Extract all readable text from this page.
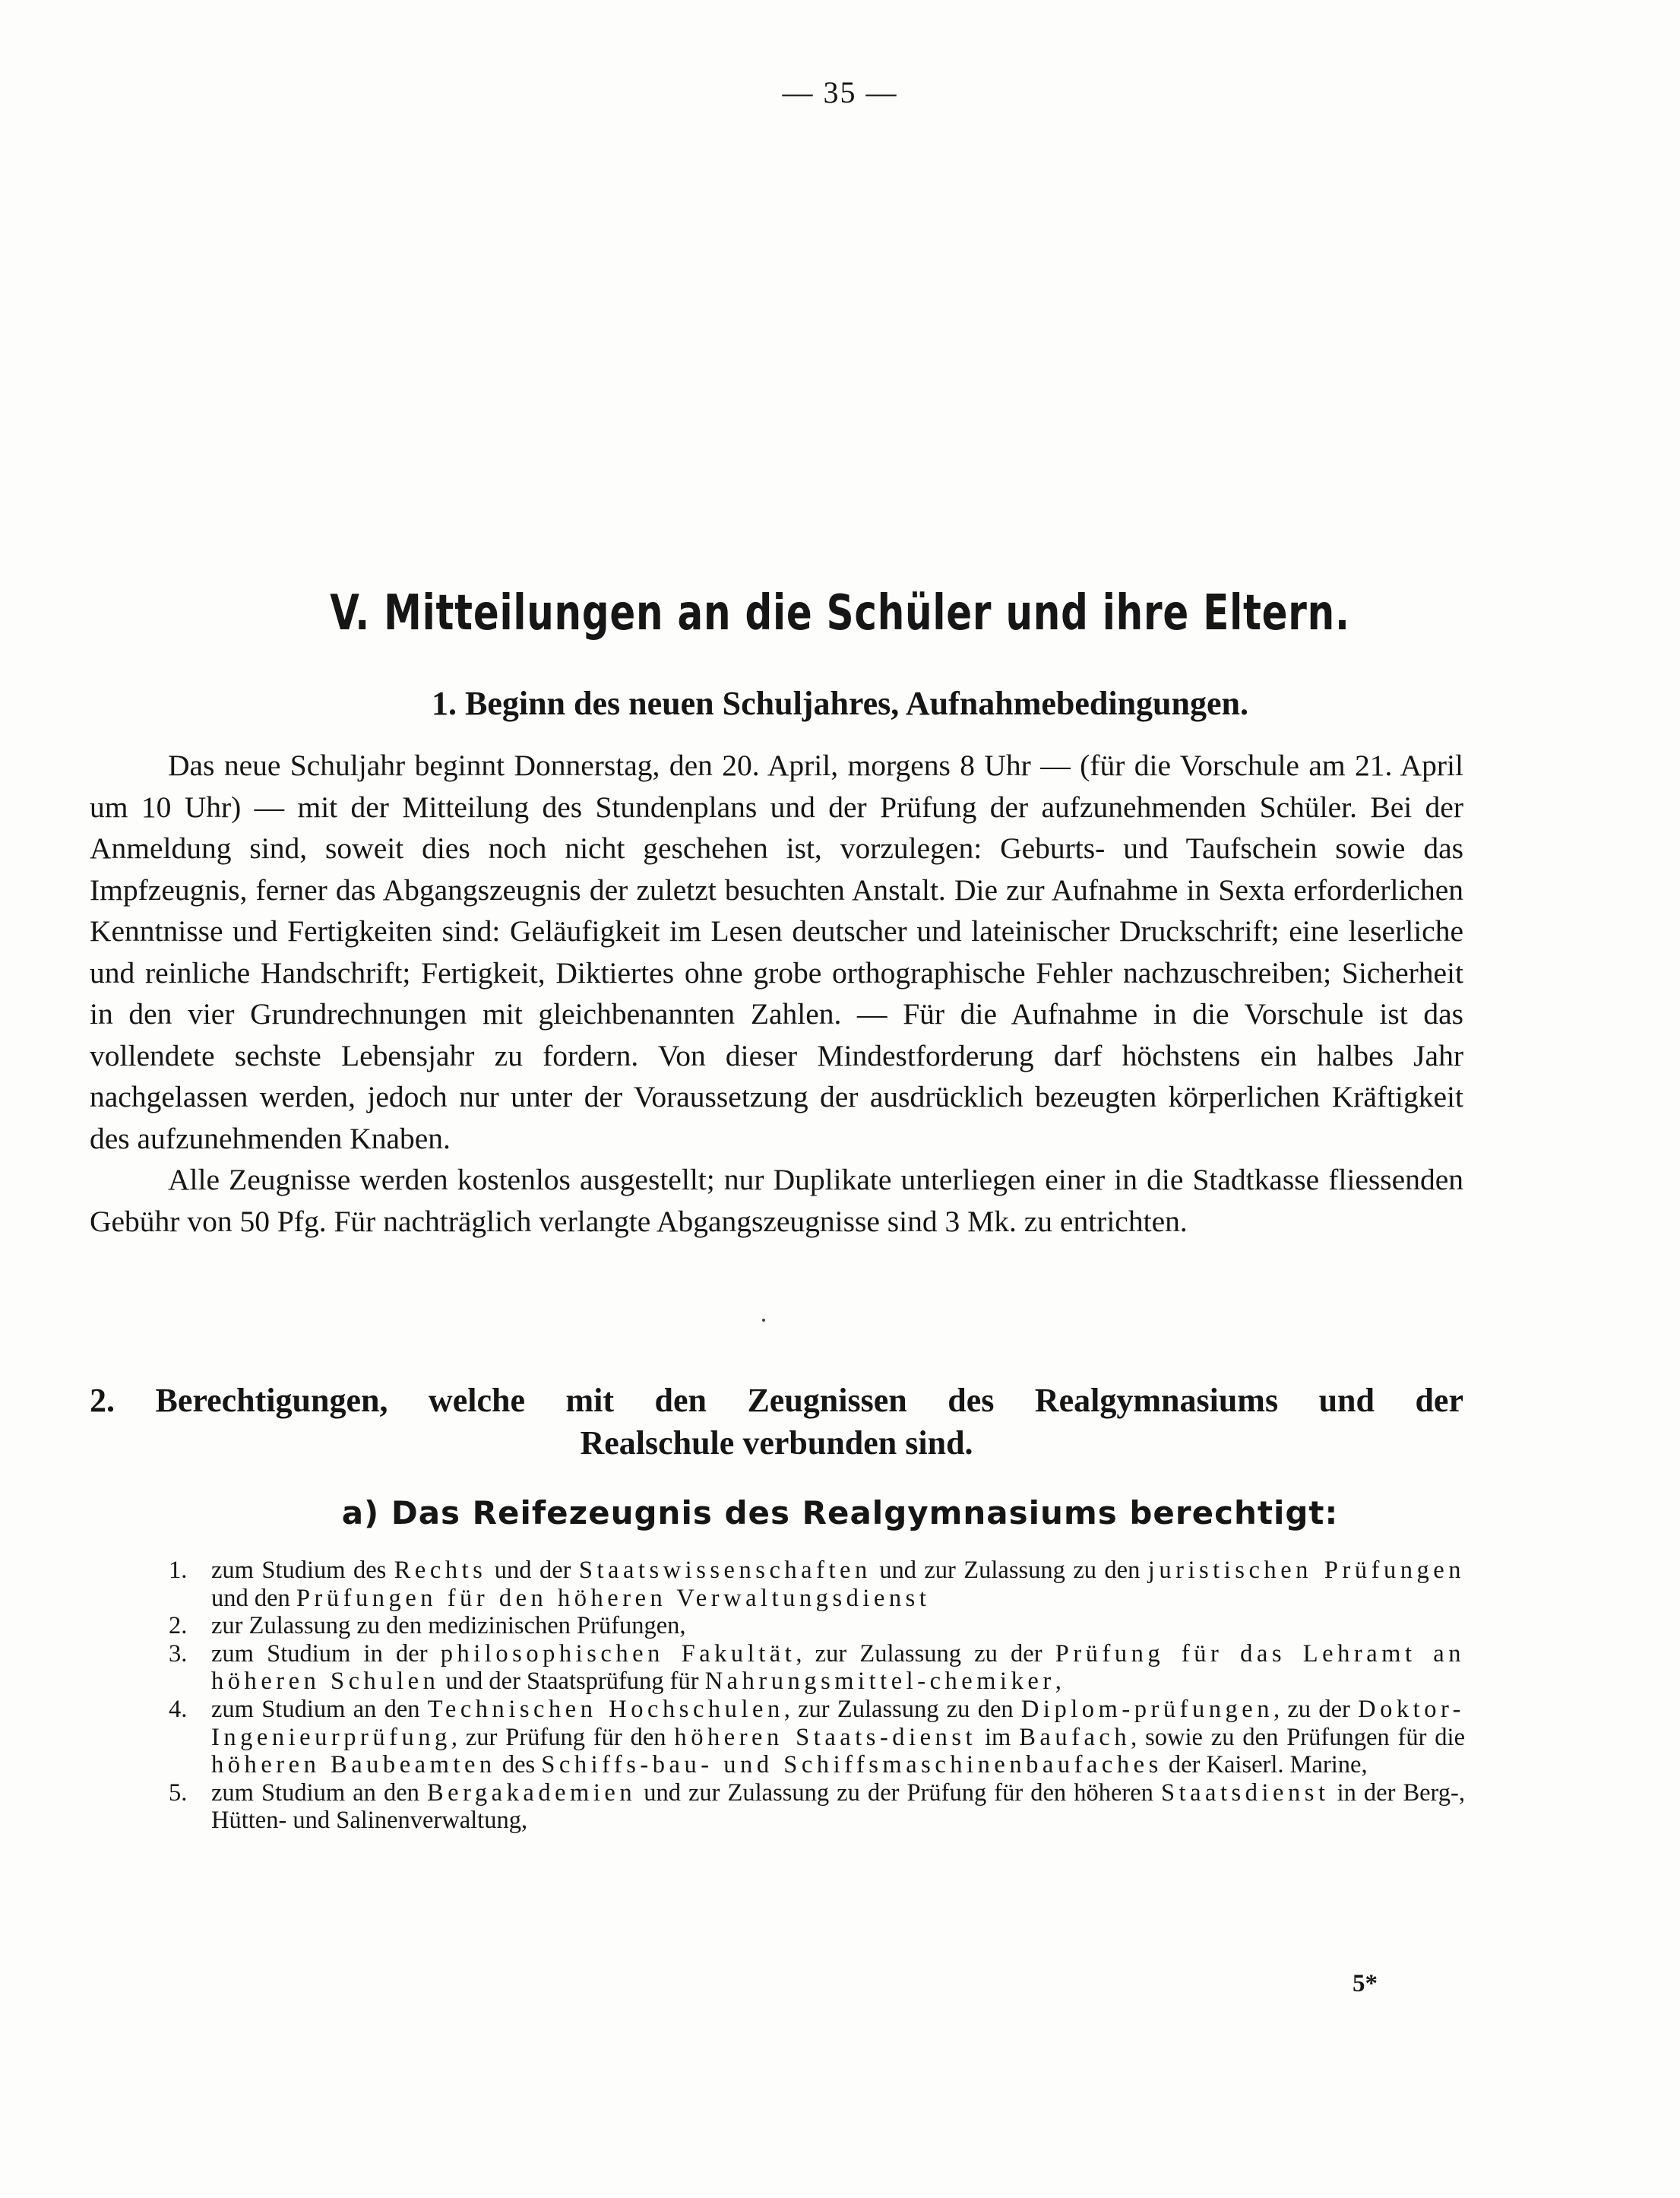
— 35 —
V. Mitteilungen an die Schüler und ihre Eltern.
1. Beginn des neuen Schuljahres, Aufnahmebedingungen.

Das neue Schuljahr beginnt Donnerstag, den 20. April, morgens 8 Uhr — (für die Vorschule am 21. April um 10 Uhr) — mit der Mitteilung des Stundenplans und der Prüfung der aufzunehmenden Schüler. Bei der Anmeldung sind, soweit dies noch nicht geschehen ist, vorzulegen: Geburts- und Taufschein sowie das Impfzeugnis, ferner das Abgangszeugnis der zuletzt besuchten Anstalt. Die zur Aufnahme in Sexta erforderlichen Kenntnisse und Fertigkeiten sind: Geläufigkeit im Lesen deutscher und lateinischer Druckschrift; eine leserliche und reinliche Handschrift; Fertigkeit, Diktiertes ohne grobe orthographische Fehler nachzuschreiben; Sicherheit in den vier Grundrechnungen mit gleichbenannten Zahlen. — Für die Aufnahme in die Vorschule ist das vollendete sechste Lebensjahr zu fordern. Von dieser Mindestforderung darf höchstens ein halbes Jahr nachgelassen werden, jedoch nur unter der Voraussetzung der ausdrücklich bezeugten körperlichen Kräftigkeit des aufzunehmenden Knaben.

Alle Zeugnisse werden kostenlos ausgestellt; nur Duplikate unterliegen einer in die Stadtkasse fliessenden Gebühr von 50 Pfg. Für nachträglich verlangte Abgangszeugnisse sind 3 Mk. zu entrichten.

2. Berechtigungen, welche mit den Zeugnissen des Realgymnasiums und der
Realschule verbunden sind.
a) Das Reifezeugnis des Realgymnasiums berechtigt:
1. zum Studium des Rechts und der Staatswissenschaften und zur Zulassung zu den juristischen Prüfungen und den Prüfungen für den höheren Verwaltungsdienst
2. zur Zulassung zu den medizinischen Prüfungen,
3. zum Studium in der philosophischen Fakultät, zur Zulassung zu der Prüfung für das Lehramt an höheren Schulen und der Staatsprüfung für Nahrungsmittel-chemiker,
4. zum Studium an den Technischen Hochschulen, zur Zulassung zu den Diplom-prüfungen, zu der Doktor-Ingenieurprüfung, zur Prüfung für den höheren Staats-dienst im Baufach, sowie zu den Prüfungen für die höheren Baubeamten des Schiffs-bau- und Schiffsmaschinenbaufaches der Kaiserl. Marine,
5. zum Studium an den Bergakademien und zur Zulassung zu der Prüfung für den höheren Staatsdienst in der Berg-, Hütten- und Salinenverwaltung,
5*
